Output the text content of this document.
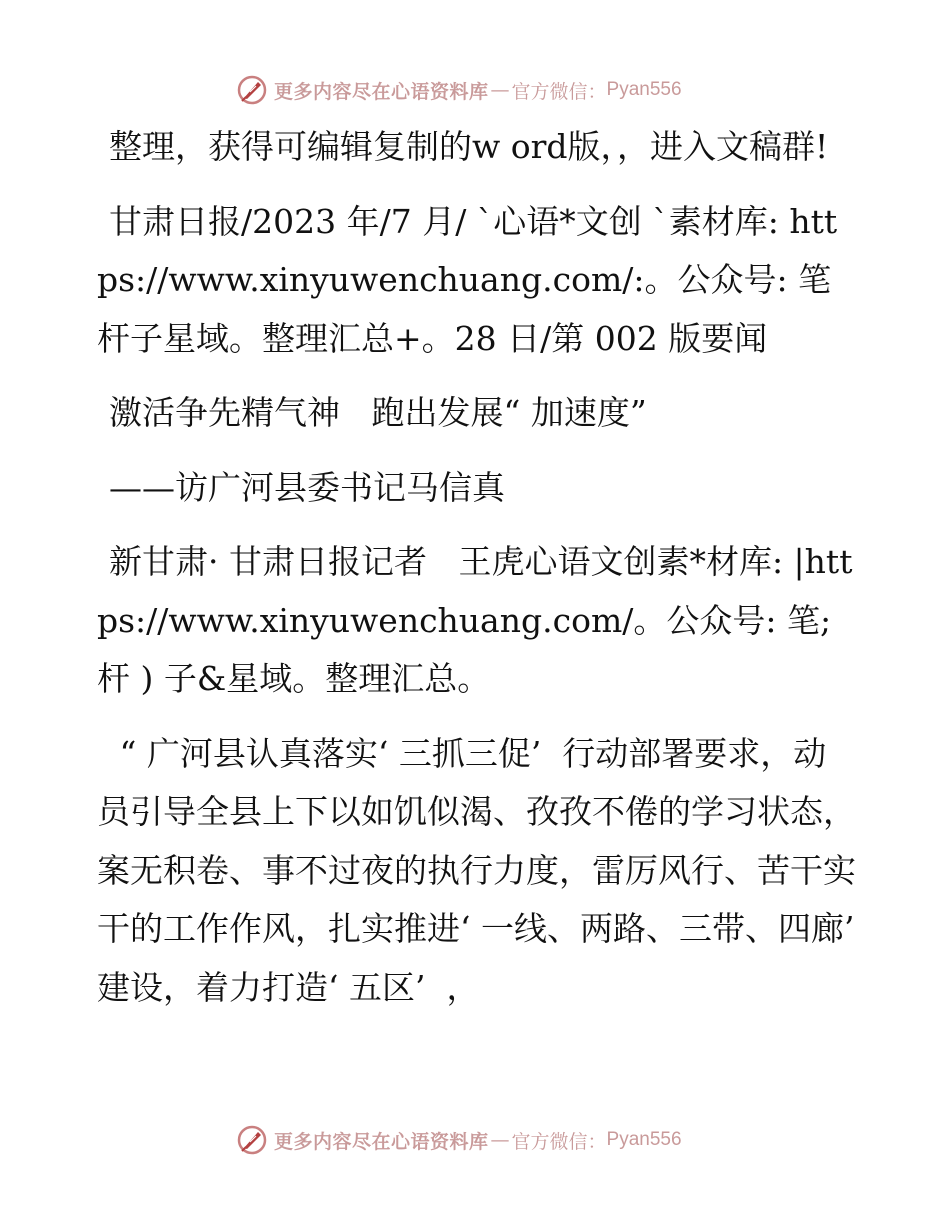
更多内容尽在心语资料库 — 官方微信： Pyan556

整理，获得可编辑复制的w ord版，，进入文稿群!

甘肃日报/2023 年/7 月/ `心语*文创 `素材库: https://www.xinyuwenchuang.com/:。公众号: 笔杆子星域。整理汇总+。28 日/第 002 版要闻

激活争先精气神   跑出发展“ 加速度”

——访广河县委书记马信真

新甘肃· 甘肃日报记者   王虎心语文创素*材库: |https://www.xinyuwenchuang.com/。公众号: 笔;杆 ) 子&星域。整理汇总。

“ 广河县认真落实‘ 三抓三促’  行动部署要求，动员引导全县上下以如饥似渴、孜孜不倦的学习状态，案无积卷、事不过夜的执行力度，雷厉风行、苦干实干的工作作风，扎实推进‘ 一线、两路、三带、四廊’  建设，着力打造‘ 五区’  ，

更多内容尽在心语资料库 — 官方微信： Pyan556
